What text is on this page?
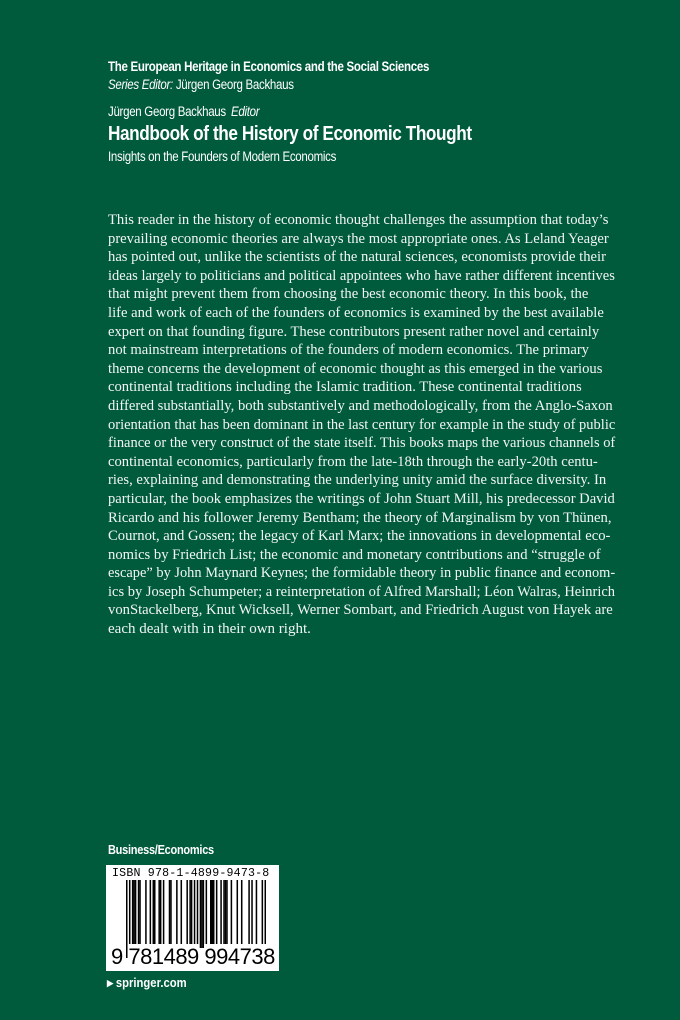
The European Heritage in Economics and the Social Sciences
Series Editor: Jürgen Georg Backhaus
Jürgen Georg Backhaus Editor
Handbook of the History of Economic Thought
Insights on the Founders of Modern Economics
This reader in the history of economic thought challenges the assumption that today’s
prevailing economic theories are always the most appropriate ones. As Leland Yeager
has pointed out, unlike the scientists of the natural sciences, economists provide their
ideas largely to politicians and political appointees who have rather different incentives
that might prevent them from choosing the best economic theory. In this book, the
life and work of each of the founders of economics is examined by the best available
expert on that founding figure. These contributors present rather novel and certainly
not mainstream interpretations of the founders of modern economics. The primary
theme concerns the development of economic thought as this emerged in the various
continental traditions including the Islamic tradition. These continental traditions
differed substantially, both substantively and methodologically, from the Anglo-Saxon
orientation that has been dominant in the last century for example in the study of public
finance or the very construct of the state itself. This books maps the various channels of
continental economics, particularly from the late-18th through the early-20th centu-
ries, explaining and demonstrating the underlying unity amid the surface diversity. In
particular, the book emphasizes the writings of John Stuart Mill, his predecessor David
Ricardo and his follower Jeremy Bentham; the theory of Marginalism by von Thünen,
Cournot, and Gossen; the legacy of Karl Marx; the innovations in developmental eco-
nomics by Friedrich List; the economic and monetary contributions and “struggle of
escape” by John Maynard Keynes; the formidable theory in public finance and econom-
ics by Joseph Schumpeter; a reinterpretation of Alfred Marshall; Léon Walras, Heinrich
vonStackelberg, Knut Wicksell, Werner Sombart, and Friedrich August von Hayek are
each dealt with in their own right.
Business/Economics
ISBN 978-1-4899-9473-8
9 781489 994738
▶ springer.com
